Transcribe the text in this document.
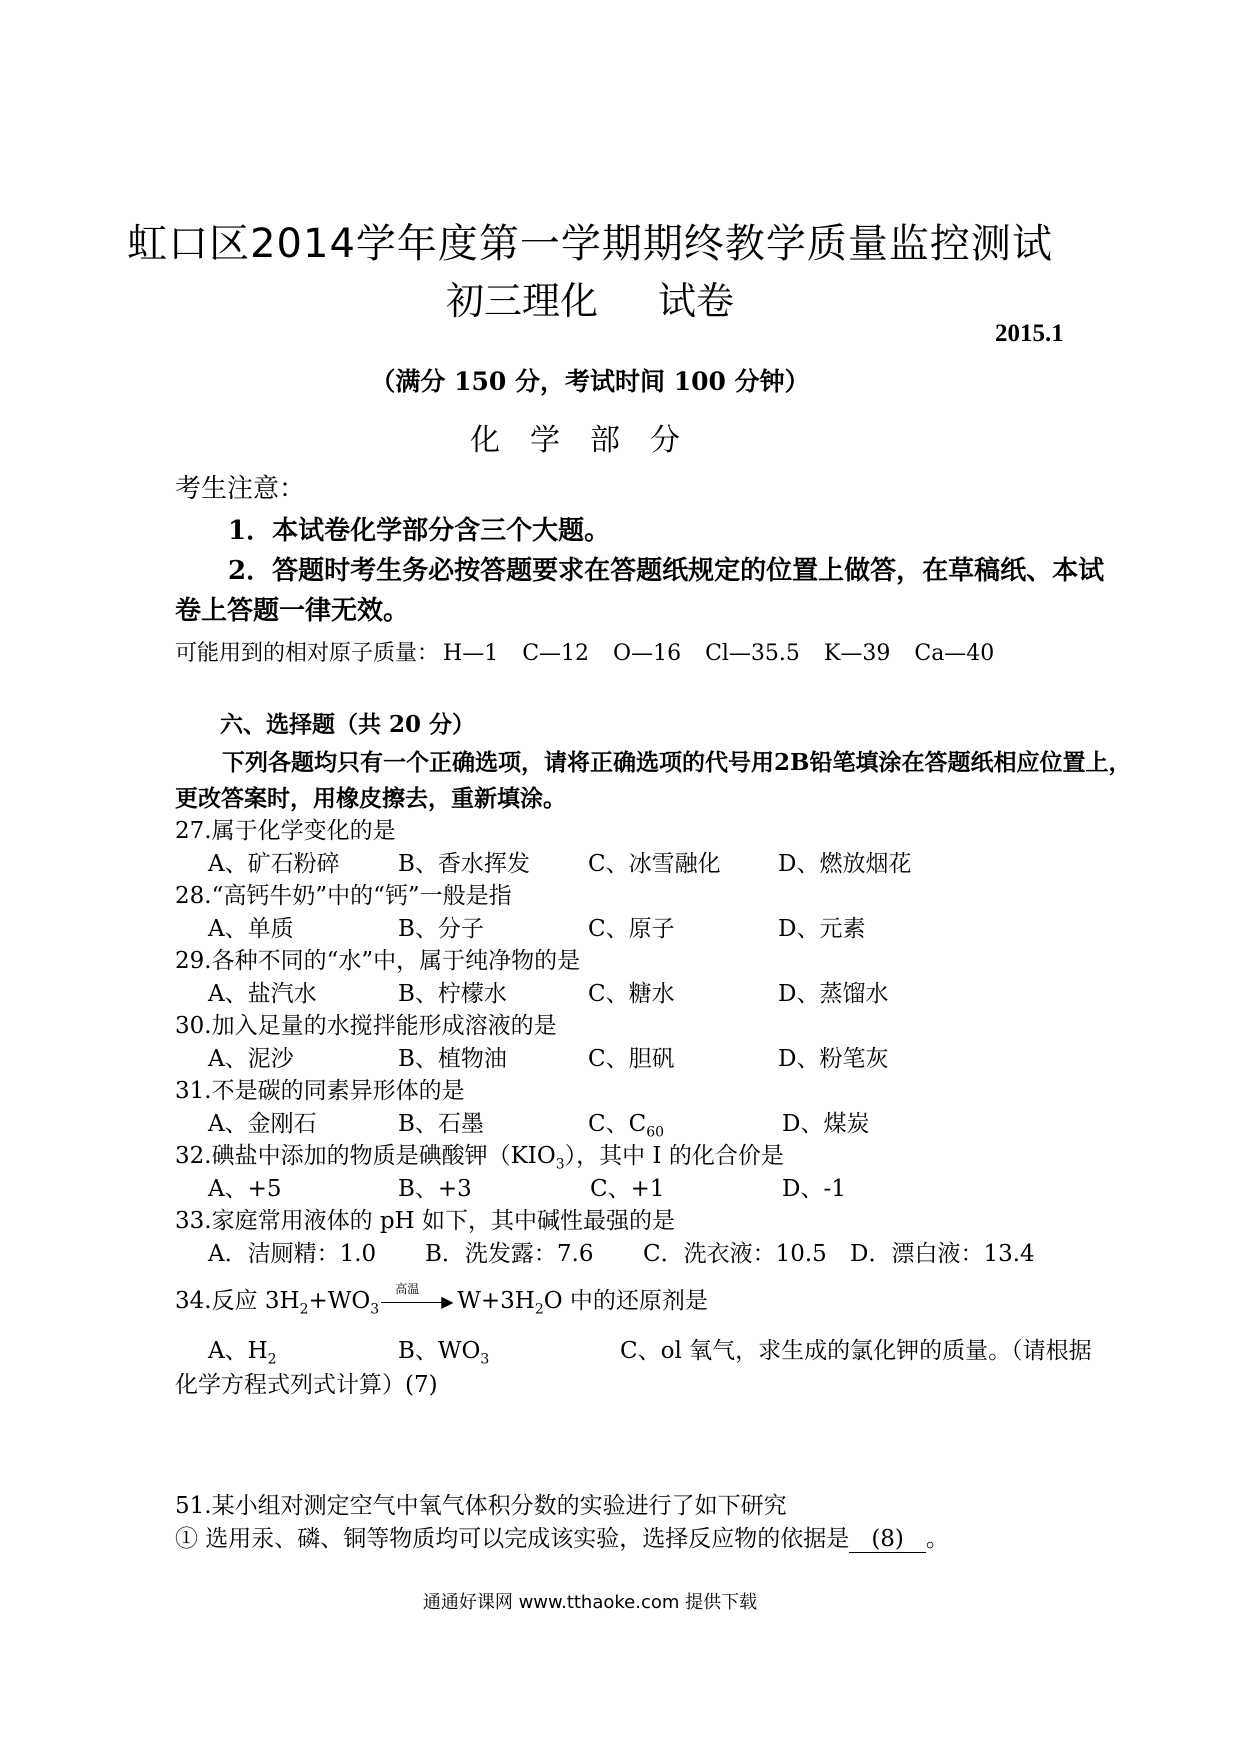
虹口区2014学年度第一学期期终教学质量监控测试
初三理化 试卷
2015.1
（满分 150 分，考试时间 100 分钟）
化学部分
考生注意：
1．本试卷化学部分含三个大题。
2．答题时考生务必按答题要求在答题纸规定的位置上做答，在草稿纸、本试
卷上答题一律无效。
可能用到的相对原子质量： H—1 C—12 O—16 Cl—35.5 K—39 Ca—40
六、选择题（共 20 分）
下列各题均只有一个正确选项，请将正确选项的代号用2B铅笔填涂在答题纸相应位置上，
更改答案时，用橡皮擦去，重新填涂。
27.属于化学变化的是
A、矿石粉碎	B、香水挥发	C、冰雪融化 D、燃放烟花
28.“高钙牛奶”中的“钙”一般是指
A、单质	B、分子	C、原子	D、元素
29.各种不同的“水”中，属于纯净物的是
A、盐汽水	B、柠檬水	C、糖水	D、蒸馏水
30.加入足量的水搅拌能形成溶液的是
A、泥沙	B、植物油	C、胆矾	D、粉笔灰
31.不是碳的同素异形体的是
A、金刚石	B、石墨	C、$C_{60}$	D、煤炭
32.碘盐中添加的物质是碘酸钾$(KIO_3)$，其中 I 的化合价是
A、+5	B、+3	C、+1	D、-1
33.家庭常用液体的 pH 如下，其中碱性最强的是
A．洁厕精：1.0 B．洗发露：7.6 C．洗衣液：10.5 D．漂白液：13.4
34.反应 $3H_2+WO_3$
高温
▶ $W+3H_2O$ 中的还原剂是
A、$H_2$	B、$WO_3$	C、ol 氧气，求生成的氯化钾的质量。（请根据
化学方程式列式计算）(7)
51.某小组对测定空气中氧气体积分数的实验进行了如下研究
① 选用汞、磷、铜等物质均可以完成该实验，选择反应物的依据是 (8) 。
通通好课网 www.tthaoke.com 提供下载
